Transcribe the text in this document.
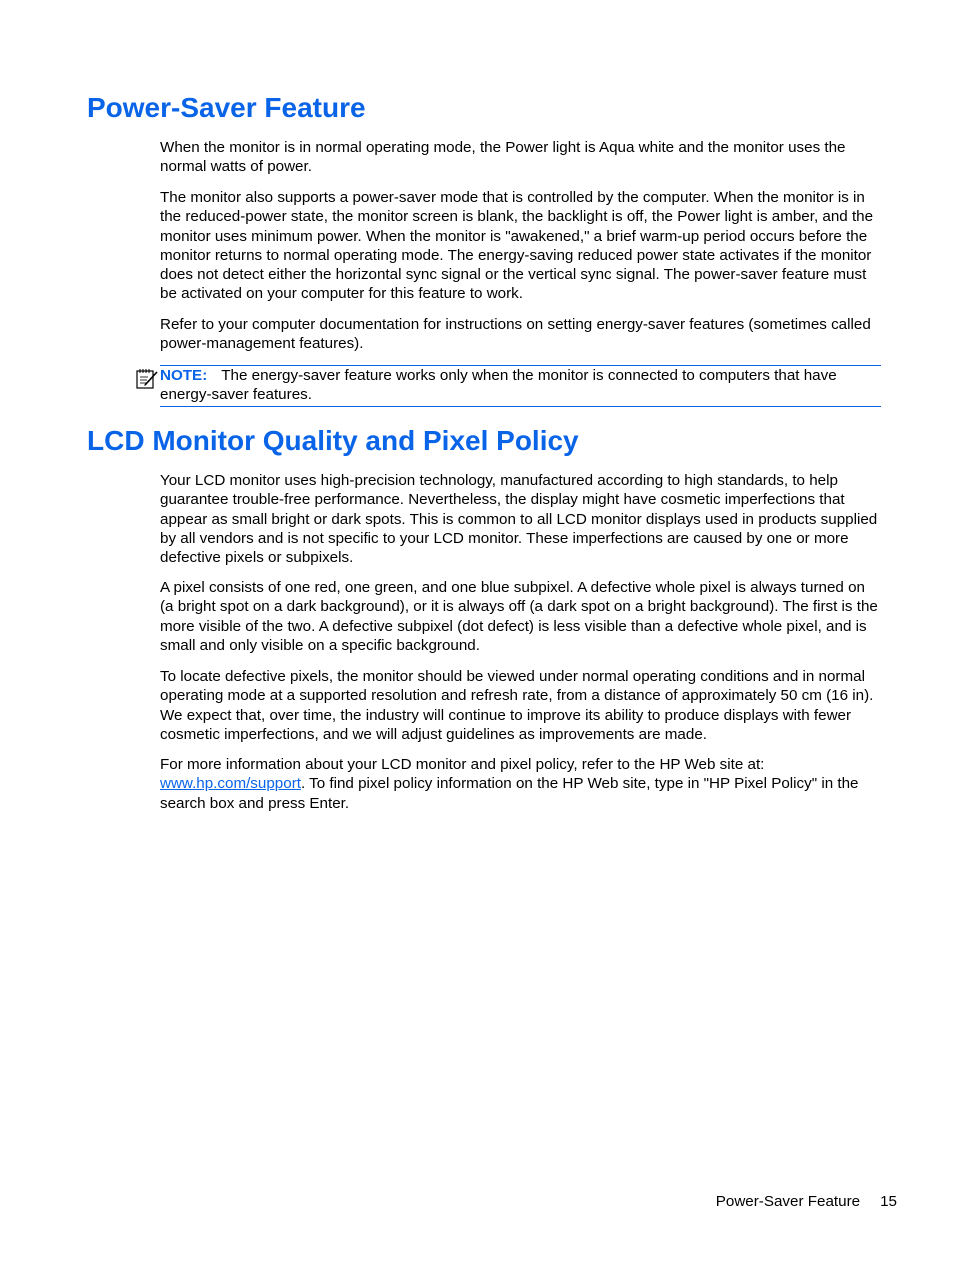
Power-Saver Feature

When the monitor is in normal operating mode, the Power light is Aqua white and the monitor uses the normal watts of power.

The monitor also supports a power-saver mode that is controlled by the computer. When the monitor is in the reduced-power state, the monitor screen is blank, the backlight is off, the Power light is amber, and the monitor uses minimum power. When the monitor is "awakened," a brief warm-up period occurs before the monitor returns to normal operating mode. The energy-saving reduced power state activates if the monitor does not detect either the horizontal sync signal or the vertical sync signal. The power-saver feature must be activated on your computer for this feature to work.

Refer to your computer documentation for instructions on setting energy-saver features (sometimes called power-management features).

NOTE: The energy-saver feature works only when the monitor is connected to computers that have energy-saver features.

LCD Monitor Quality and Pixel Policy

Your LCD monitor uses high-precision technology, manufactured according to high standards, to help guarantee trouble-free performance. Nevertheless, the display might have cosmetic imperfections that appear as small bright or dark spots. This is common to all LCD monitor displays used in products supplied by all vendors and is not specific to your LCD monitor. These imperfections are caused by one or more defective pixels or subpixels.

A pixel consists of one red, one green, and one blue subpixel. A defective whole pixel is always turned on (a bright spot on a dark background), or it is always off (a dark spot on a bright background). The first is the more visible of the two. A defective subpixel (dot defect) is less visible than a defective whole pixel, and is small and only visible on a specific background.

To locate defective pixels, the monitor should be viewed under normal operating conditions and in normal operating mode at a supported resolution and refresh rate, from a distance of approximately 50 cm (16 in). We expect that, over time, the industry will continue to improve its ability to produce displays with fewer cosmetic imperfections, and we will adjust guidelines as improvements are made.

For more information about your LCD monitor and pixel policy, refer to the HP Web site at: www.hp.com/support. To find pixel policy information on the HP Web site, type in "HP Pixel Policy" in the search box and press Enter.

Power-Saver Feature 15
